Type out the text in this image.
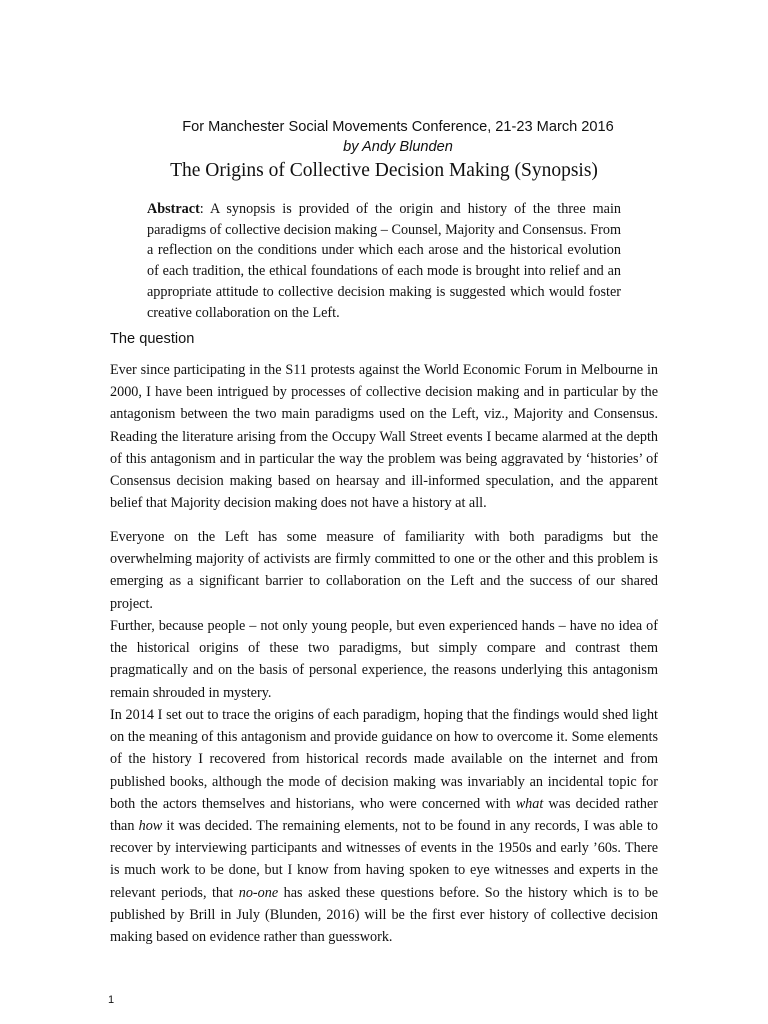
For Manchester Social Movements Conference, 21-23 March 2016
by Andy Blunden
The Origins of Collective Decision Making (Synopsis)
Abstract: A synopsis is provided of the origin and history of the three main paradigms of collective decision making – Counsel, Majority and Consensus. From a reflection on the conditions under which each arose and the historical evolution of each tradition, the ethical foundations of each mode is brought into relief and an appropriate attitude to collective decision making is suggested which would foster creative collaboration on the Left.
The question
Ever since participating in the S11 protests against the World Economic Forum in Melbourne in 2000, I have been intrigued by processes of collective decision making and in particular by the antagonism between the two main paradigms used on the Left, viz., Majority and Consensus. Reading the literature arising from the Occupy Wall Street events I became alarmed at the depth of this antagonism and in particular the way the problem was being aggravated by ‘histories’ of Consensus decision making based on hearsay and ill-informed speculation, and the apparent belief that Majority decision making does not have a history at all.
Everyone on the Left has some measure of familiarity with both paradigms but the overwhelming majority of activists are firmly committed to one or the other and this problem is emerging as a significant barrier to collaboration on the Left and the success of our shared project.
Further, because people – not only young people, but even experienced hands – have no idea of the historical origins of these two paradigms, but simply compare and contrast them pragmatically and on the basis of personal experience, the reasons underlying this antagonism remain shrouded in mystery.
In 2014 I set out to trace the origins of each paradigm, hoping that the findings would shed light on the meaning of this antagonism and provide guidance on how to overcome it. Some elements of the history I recovered from historical records made available on the internet and from published books, although the mode of decision making was invariably an incidental topic for both the actors themselves and historians, who were concerned with what was decided rather than how it was decided. The remaining elements, not to be found in any records, I was able to recover by interviewing participants and witnesses of events in the 1950s and early ’60s. There is much work to be done, but I know from having spoken to eye witnesses and experts in the relevant periods, that no-one has asked these questions before. So the history which is to be published by Brill in July (Blunden, 2016) will be the first ever history of collective decision making based on evidence rather than guesswork.
1
